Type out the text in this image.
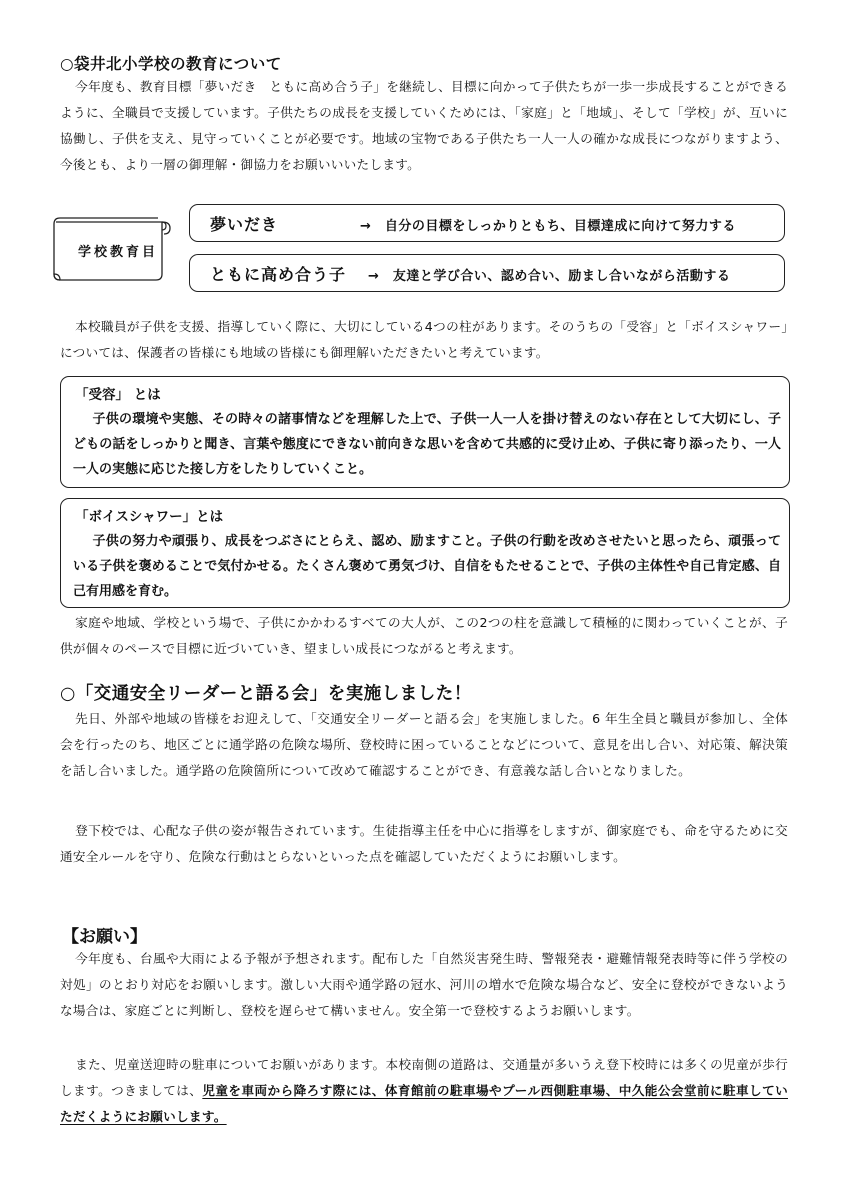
○袋井北小学校の教育について
今年度も、教育目標「夢いだき　ともに高め合う子」を継続し、目標に向かって子供たちが一歩一歩成長することができるように、全職員で支援しています。子供たちの成長を支援していくためには、「家庭」と「地域」、そして「学校」が、互いに協働し、子供を支え、見守っていくことが必要です。地域の宝物である子供たち一人一人の確かな成長につながりますよう、今後とも、より一層の御理解・御協力をお願いいいたします。
学校教育目
夢いだき	→　自分の目標をしっかりともち、目標達成に向けて努力する
ともに高め合う子 →　友達と学び合い、認め合い、励まし合いながら活動する
本校職員が子供を支援、指導していく際に、大切にしている4つの柱があります。そのうちの「受容」と「ボイスシャワー」については、保護者の皆様にも地域の皆様にも御理解いただきたいと考えています。
「受容」 とは
子供の環境や実態、その時々の諸事情などを理解した上で、子供一人一人を掛け替えのない存在として大切にし、子どもの話をしっかりと聞き、言葉や態度にできない前向きな思いを含めて共感的に受け止め、子供に寄り添ったり、一人一人の実態に応じた接し方をしたりしていくこと。
「ボイスシャワー」とは
子供の努力や頑張り、成長をつぶさにとらえ、認め、励ますこと。子供の行動を改めさせたいと思ったら、頑張っている子供を褒めることで気付かせる。たくさん褒めて勇気づけ、自信をもたせることで、子供の主体性や自己肯定感、自己有用感を育む。
家庭や地域、学校という場で、子供にかかわるすべての大人が、この2つの柱を意識して積極的に関わっていくことが、子供が個々のペースで目標に近づいていき、望ましい成長につながると考えます。
○「交通安全リーダーと語る会」を実施しました！
先日、外部や地域の皆様をお迎えして、「交通安全リーダーと語る会」を実施しました。6 年生全員と職員が参加し、全体会を行ったのち、地区ごとに通学路の危険な場所、登校時に困っていることなどについて、意見を出し合い、対応策、解決策を話し合いました。通学路の危険箇所について改めて確認することができ、有意義な話し合いとなりました。
登下校では、心配な子供の姿が報告されています。生徒指導主任を中心に指導をしますが、御家庭でも、命を守るために交通安全ルールを守り、危険な行動はとらないといった点を確認していただくようにお願いします。
【お願い】
今年度も、台風や大雨による予報が予想されます。配布した「自然災害発生時、警報発表・避難情報発表時等に伴う学校の対処」のとおり対応をお願いします。激しい大雨や通学路の冠水、河川の増水で危険な場合など、安全に登校ができないような場合は、家庭ごとに判断し、登校を遅らせて構いません。安全第一で登校するようお願いします。
また、児童送迎時の駐車についてお願いがあります。本校南側の道路は、交通量が多いうえ登下校時には多くの児童が歩行します。つきましては、児童を車両から降ろす際には、体育館前の駐車場やプール西側駐車場、中久能公会堂前に駐車していただくようにお願いします。
